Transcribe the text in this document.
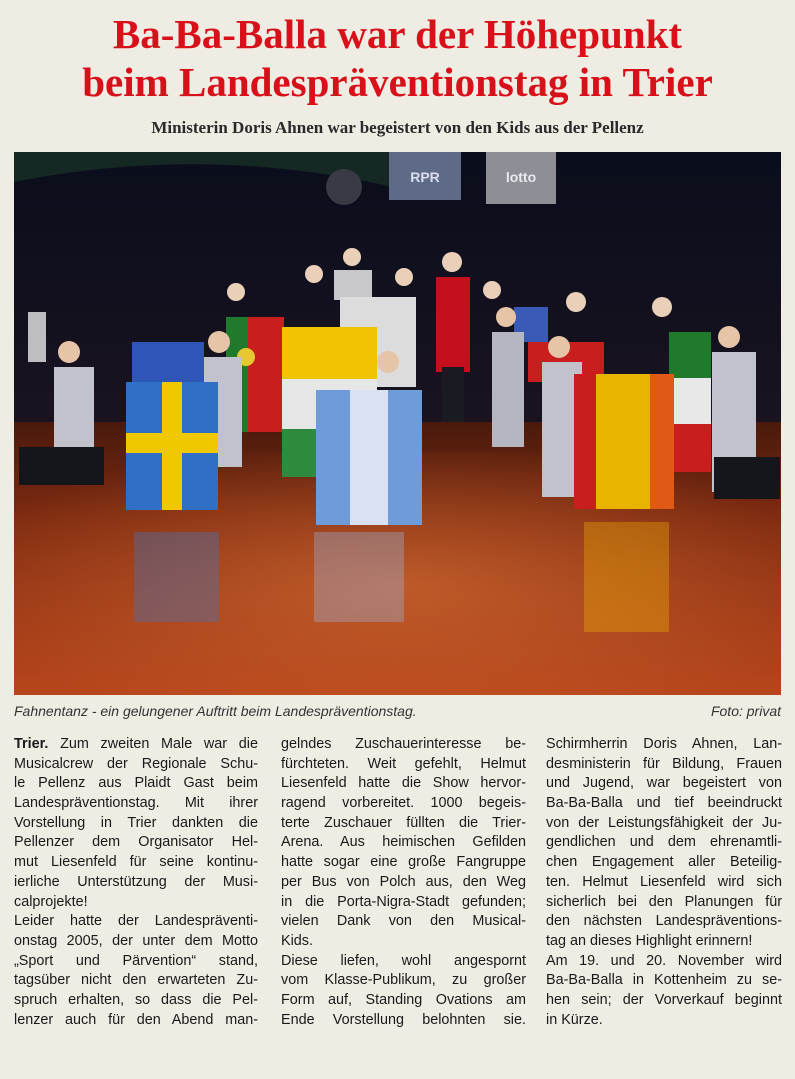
Ba-Ba-Balla war der Höhepunkt
beim Landespräventionstag in Trier
Ministerin Doris Ahnen war begeistert von den Kids aus der Pellenz
RPR	lotto
Fahnentanz - ein gelungener Auftritt beim Landespräventionstag.	Foto: privat
Trier. Zum zweiten Male war die
Musicalcrew der Regionale Schu-
le Pellenz aus Plaidt Gast beim
Landespräventionstag. Mit ihrer
Vorstellung in Trier dankten die
Pellenzer dem Organisator Hel-
mut Liesenfeld für seine kontinu-
ierliche Unterstützung der Musi-
calprojekte!
Leider hatte der Landespräventi-
onstag 2005, der unter dem Motto
„Sport und Pärvention“ stand,
tagsüber nicht den erwarteten Zu-
spruch erhalten, so dass die Pel-
lenzer auch für den Abend man-
gelndes Zuschauerinteresse be-
fürchteten. Weit gefehlt, Helmut
Liesenfeld hatte die Show hervor-
ragend vorbereitet. 1000 begeis-
terte Zuschauer füllten die Trier-
Arena. Aus heimischen Gefilden
hatte sogar eine große Fangruppe
per Bus von Polch aus, den Weg
in die Porta-Nigra-Stadt gefunden;
vielen Dank von den Musical-
Kids.
Diese liefen, wohl angespornt
vom Klasse-Publikum, zu großer
Form auf, Standing Ovations am
Ende Vorstellung belohnten sie.
Schirmherrin Doris Ahnen, Lan-
desministerin für Bildung, Frauen
und Jugend, war begeistert von
Ba-Ba-Balla und tief beeindruckt
von der Leistungsfähigkeit der Ju-
gendlichen und dem ehrenamtli-
chen Engagement aller Beteilig-
ten. Helmut Liesenfeld wird sich
sicherlich bei den Planungen für
den nächsten Landespräventions-
tag an dieses Highlight erinnern!
Am 19. und 20. November wird
Ba-Ba-Balla in Kottenheim zu se-
hen sein; der Vorverkauf beginnt
in Kürze.
